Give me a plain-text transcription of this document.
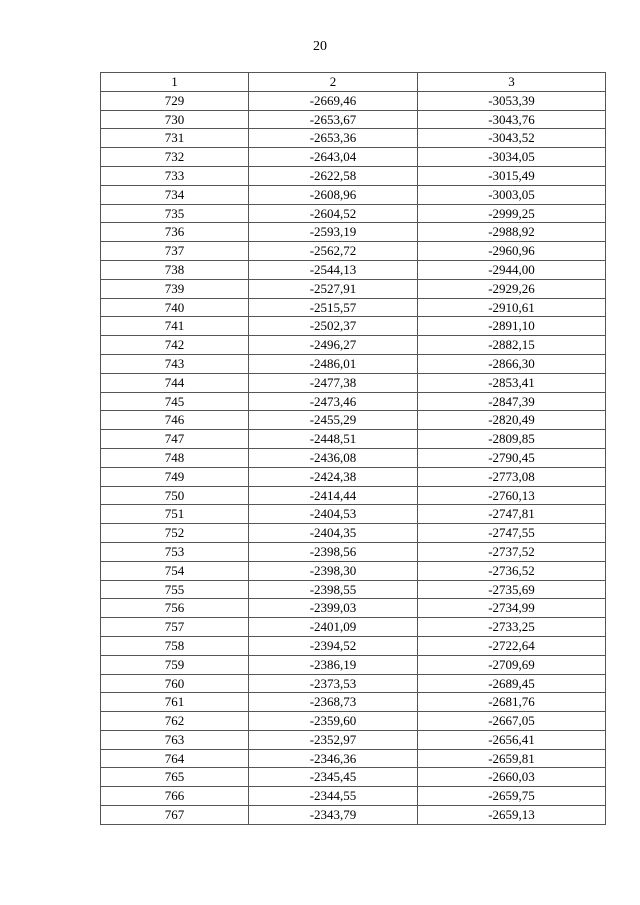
20
1	2	3
729	-2669,46	-3053,39
730	-2653,67	-3043,76
731	-2653,36	-3043,52
732	-2643,04	-3034,05
733	-2622,58	-3015,49
734	-2608,96	-3003,05
735	-2604,52	-2999,25
736	-2593,19	-2988,92
737	-2562,72	-2960,96
738	-2544,13	-2944,00
739	-2527,91	-2929,26
740	-2515,57	-2910,61
741	-2502,37	-2891,10
742	-2496,27	-2882,15
743	-2486,01	-2866,30
744	-2477,38	-2853,41
745	-2473,46	-2847,39
746	-2455,29	-2820,49
747	-2448,51	-2809,85
748	-2436,08	-2790,45
749	-2424,38	-2773,08
750	-2414,44	-2760,13
751	-2404,53	-2747,81
752	-2404,35	-2747,55
753	-2398,56	-2737,52
754	-2398,30	-2736,52
755	-2398,55	-2735,69
756	-2399,03	-2734,99
757	-2401,09	-2733,25
758	-2394,52	-2722,64
759	-2386,19	-2709,69
760	-2373,53	-2689,45
761	-2368,73	-2681,76
762	-2359,60	-2667,05
763	-2352,97	-2656,41
764	-2346,36	-2659,81
765	-2345,45	-2660,03
766	-2344,55	-2659,75
767	-2343,79	-2659,13
